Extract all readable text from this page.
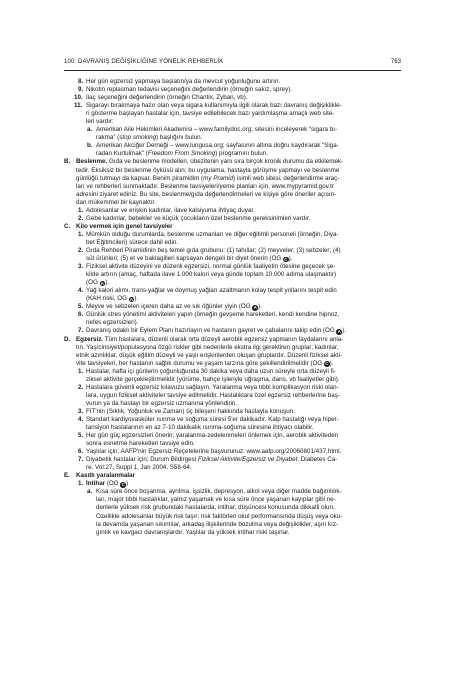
100: DAVRANIŞ DEĞİŞİKLİĞİNE YÖNELİK REHBERLİK	763
8. Her gün egzersiz yapmaya başlatın/ya da mevcut yoğunluğunu artırın.
9. Nikotin replasman tedavisi seçeneğini değerlendirin (örneğin sakız, sprey).
10. İlaç seçeneğini değerlendirin (örneğin Chantix, Zyban, vb).
11. Sigarayı bırakmaya hazır olan veya sigara kullanımıyla ilgili olarak bazı davranış değişiklikle-
ri gösterme başlayan hastalar için, tavsiye edilebilecek bazı yardımlaşma amaçlı web site-
leri vardır:
a. Amerikan Aile Hekimleri Akademisi – www.familydoc.org; sitesini inceleyerek “sigara bı-
rakma” (stop smoking) başlığını bulun.
b. Amerikan Akciğer Derneği – www.lungusa.org; sayfasının altına doğru kaydırarak “Siga-
radan Kurtulmak” (Freedom From Smoking) programını bulun.
B. Beslenme. Gıda ve beslenme modelleri, obezitenin yanı sıra birçok kronik durumu da etkilemek-
tedir. Eksiksiz bir beslenme öyküsü alın; bu uygulama, hastayla görüşme yapmayı ve beslenme
günlüğü tutmayı da kapsar. Benim piramidim (my Pramid) isimli web sitesi, değerlendirme araç-
ları ve rehberleri sunmaktadır. Beslenme tavsiyeleri/yeme planları için, www.mypyramid.gov.tr
adresini ziyaret ediniz. Bu site, beslenme/gıda değerlendirmeleri ve kişiye göre öneriler açısın-
dan mükemmel bir kaynaktır.
1. Adolesanlar ve erişkin kadınlar, ilave kalsiyuma ihtiyaç duyar.
2. Gebe kadınlar, bebekler ve küçük çocukların özel beslenme gereksinimleri vardır.
C. Kilo vermek için genel tavsiyeler
1. Mümkün olduğu durumlarda, beslenme uzmanları ve diğer eğitimli personeli (örneğin, Diya-
bet Eğitmcileri) sürece dahil edin.
2. Gıda Rehberi Piramidinin beş temel gıda grubunu: (1) tahıllar; (2) meyveler; (3) sebzeler; (4)
süt ürünleri; (5) et ve baklagilleri kapsayan dengeli bir diyet önerin (ÖG C).
3. Fiziksel aktivite düzeyini ve düzenli egzersizi, normal günlük faaliyetin ötesine geçecek şe-
kilde artırın (amaç, haftada ilave 1.000 kalori veya günde toplam 10.000 adıma ulaşmaktır)
(ÖG A).
4. Yağ kalori alımı, trans-yağlar ve doymuş yağları azaltmanın kolay tespit yollarını tespit edin
(KAH riski, ÖG A).
5. Meyve ve sebzeleri içeren daha az ve sık öğünler yiyin (ÖG A).
6. Günlük stres yönetimi aktiviteleri yapın (örneğin gevşeme hareketleri, kendi kendine hipnoz,
nefes egzersizleri).
7. Davranış odaklı bir Eylem Planı hazırlayın ve hastanın gayret ve çabalarını takip edin (ÖG A).
D. Egzersiz. Tüm hastalara, düzenli olarak orta düzeyli aerobik egzersiz yapmanın faydalarını anla-
tın. Yaş/cinsiyet/populasyona özgü riskler gibi nedenlerle ekstra ilgi gerektiren gruplar; kadınlar,
etnik azınlıklar, düşük eğitim düzeyli ve yaşlı erişkinlerden oluşan gruplardır. Düzenli fiziksel akti-
vite tavsiyeleri, her hastanın sağlık durumu ve yaşam tarzına göre şekillendirilmelidir (ÖG C).
1. Hastalar, hafta içi günlerin çoğunluğunda 30 dakika veya daha uzun süreyle orta düzeyli fi-
ziksel aktivite gerçekleştirmelidir (yürüme, bahçe işleriyle uğraşma, dans, vb faaliyetler gibi).
2. Hastalara güvenli egzersiz kılavuzu sağlayın. Yaralanma veya tıbbi komplikasyon riski olan-
lara, uygun fiziksel aktiviteler tavsiye edilmelidir. Hastalıklara özel egzersiz rehberlerine baş-
vurun ya da hastayı bir egzersiz uzmanına yönlendirin.
3. FIT'nin (Sıklık, Yoğunluk ve Zaman) üç bileşeni hakkında hastayla konuşun.
4. Standart kardiyovasküler ısınma ve soğuma süresi 5'er dakikadır. Kalp hastalığı veya hiper-
tansiyon hastalarının en az 7-10 dakikalık ısınma-soğuma süresine ihtiyacı olabilir.
5. Her gün güç egzersizleri önerin; yaralanma-zedelenmeleri önlemek için, aerobik aktiviteden
sonra esnetme hareketleri tavsiye edin.
6. Yaşlılar için; AAFP'nin Egzersiz Reçetelerine başvurunuz: www.aafp.org/20060801/437.html.
7. Diyabetik hastalar için; Durum Bildirgesi Fiziksel Aktivite/Egzersiz ve Diyabet. Diabetes Ca-
re. Vol:27, Suppl 1, Jan 2004, S58-64.
E. Kasıtlı yaralanmalar
1. İntihar (ÖG C)
a. Kısa süre önce boşanma, ayrılma, işsizlik, depresyon, alkol veya diğer madde bağımlılık-
ları, major tıbbi hastalıklar, yalnız yaşamak ve kısa süre önce yaşanan kayıplar gibi ne-
denlerle yüksek risk grubundaki hastalarda, intihar, düşüncesi konusunda dikkatli olun.
Özellikle adolesanlar büyük risk taşır; risk faktörleri okul performansında düşüş veya oku-
la devamda yaşanan sıkıntılar, arkadaş ilişkilerinde bozulma veya değişiklikler, aşırı kız-
gınlık ve kavgacı davranışlardır. Yaşlılar da yüksek intihar riski taşırlar.
